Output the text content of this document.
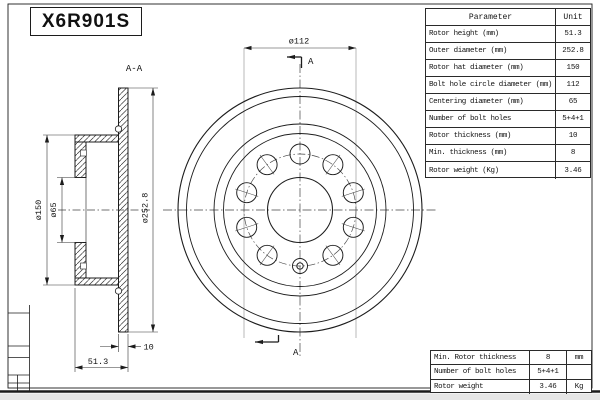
A-A
ø150 ø65	ø252.8
51.3
10
ø112
A
A
X6R901S	Parameter	Unit
Rotor height (mm)	51.3
Outer diameter (mm)	252.8
Rotor hat diameter (mm)	150
Bolt hole circle diameter (mm)	112
Centering diameter (mm)	65
Number of bolt holes	5+4+1
Rotor thickness (mm)	10
Min. thickness (mm)	8
Rotor weight (Kg)	3.46
Min. Rotor thickness	8	mm
Number of bolt holes	5+4+1
Rotor weight	3.46	Kg
